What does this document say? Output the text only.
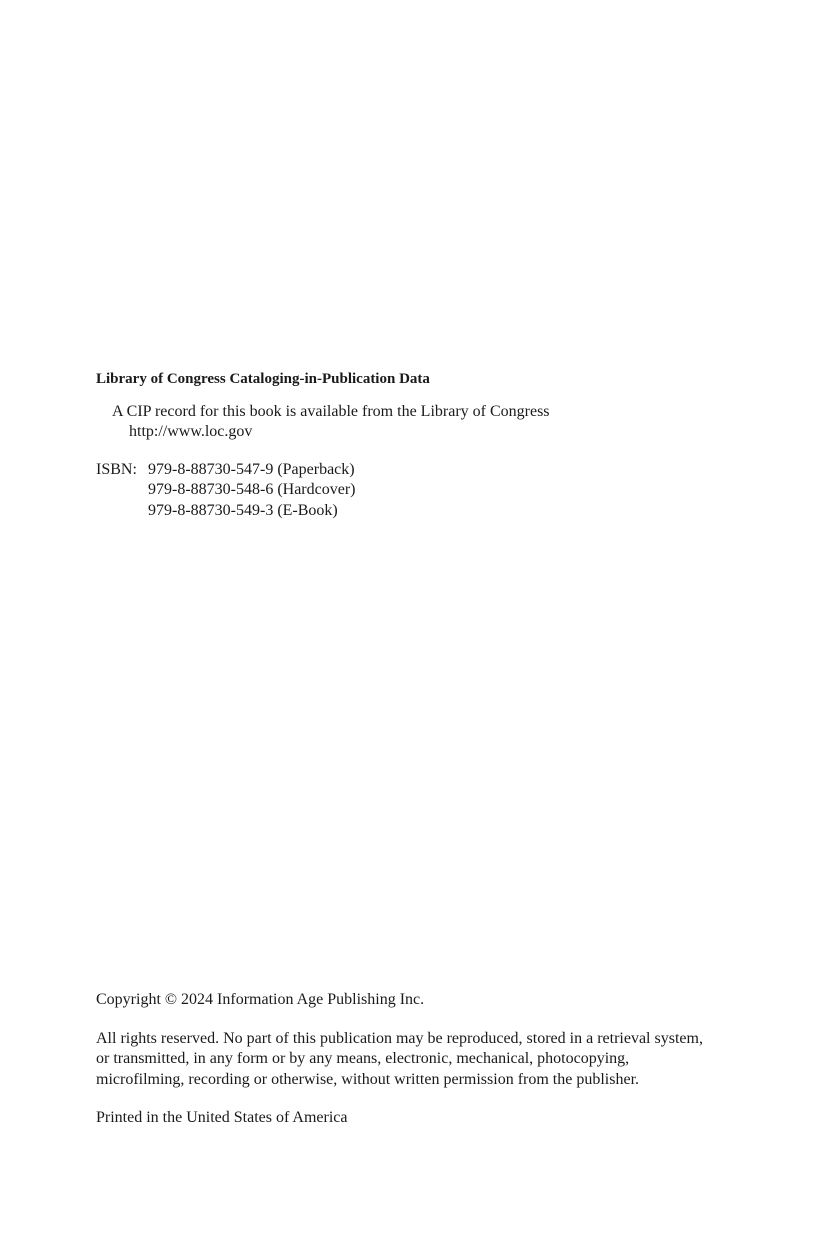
Library of Congress Cataloging-in-Publication Data
A CIP record for this book is available from the Library of Congress
http://www.loc.gov
ISBN: 979-8-88730-547-9 (Paperback)
979-8-88730-548-6 (Hardcover)
979-8-88730-549-3 (E-Book)

Copyright © 2024 Information Age Publishing Inc.

All rights reserved. No part of this publication may be reproduced, stored in a retrieval system, or transmitted, in any form or by any means, electronic, mechanical, photocopying, microfilming, recording or otherwise, without written permission from the publisher.

Printed in the United States of America
